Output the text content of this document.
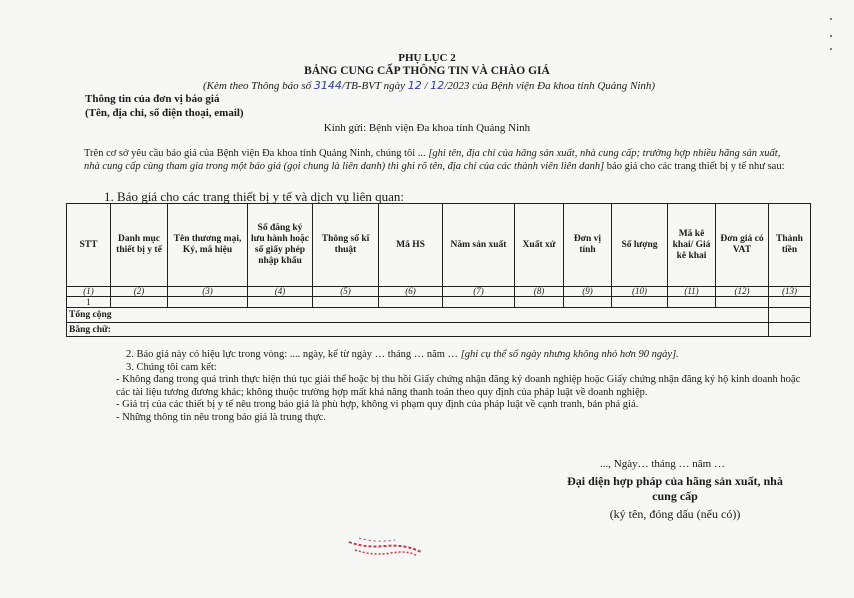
PHỤ LỤC 2
BẢNG CUNG CẤP THÔNG TIN VÀ CHÀO GIÁ
(Kèm theo Thông báo số 3144/TB-BVT ngày 12 / 12/2023 của Bệnh viện Đa khoa tỉnh Quảng Ninh)
Thông tin của đơn vị báo giá
(Tên, địa chỉ, số điện thoại, email)
Kính gửi: Bệnh viện Đa khoa tỉnh Quảng Ninh
Trên cơ sở yêu cầu báo giá của Bệnh viện Đa khoa tỉnh Quảng Ninh, chúng tôi ... [ghi tên, địa chỉ của hãng sản xuất, nhà cung cấp; trường hợp nhiều hãng sản xuất, nhà cung cấp cùng tham gia trong một báo giá (gọi chung là liên danh) thì ghi rõ tên, địa chỉ của các thành viên liên danh] báo giá cho các trang thiết bị y tế như sau:
1. Báo giá cho các trang thiết bị y tế và dịch vụ liên quan:
STT	Danh mục thiết bị y tế	Tên thương mại, Ký, mã hiệu	Số đăng ký lưu hành hoặc số giấy phép nhập khẩu	Thông số kĩ thuật	Mã HS	Năm sản xuất	Xuất xứ	Đơn vị tính	Số lượng	Mã kê khai/ Giá kê khai	Đơn giá có VAT	Thành tiền
(1)	(2)	(3)	(4)	(5)	(6)	(7)	(8)	(9)	(10)	(11)	(12)	(13)
1												
Tổng cộng												
Bằng chữ:												

2. Báo giá này có hiệu lực trong vòng: .... ngày, kể từ ngày … tháng … năm … [ghi cụ thể số ngày nhưng không nhỏ hơn 90 ngày].

3. Chúng tôi cam kết:

- Không đang trong quá trình thực hiện thủ tục giải thể hoặc bị thu hồi Giấy chứng nhận đăng ký doanh nghiệp hoặc Giấy chứng nhận đăng ký hộ kinh doanh hoặc các tài liệu tương đương khác; không thuộc trường hợp mất khả năng thanh toán theo quy định của pháp luật về doanh nghiệp.

- Giá trị của các thiết bị y tế nêu trong báo giá là phù hợp, không vi phạm quy định của pháp luật về cạnh tranh, bán phá giá.

- Những thông tin nêu trong báo giá là trung thực.

..., Ngày… tháng … năm …
Đại diện hợp pháp của hãng sản xuất, nhà
cung cấp
(ký tên, đóng dấu (nếu có))
